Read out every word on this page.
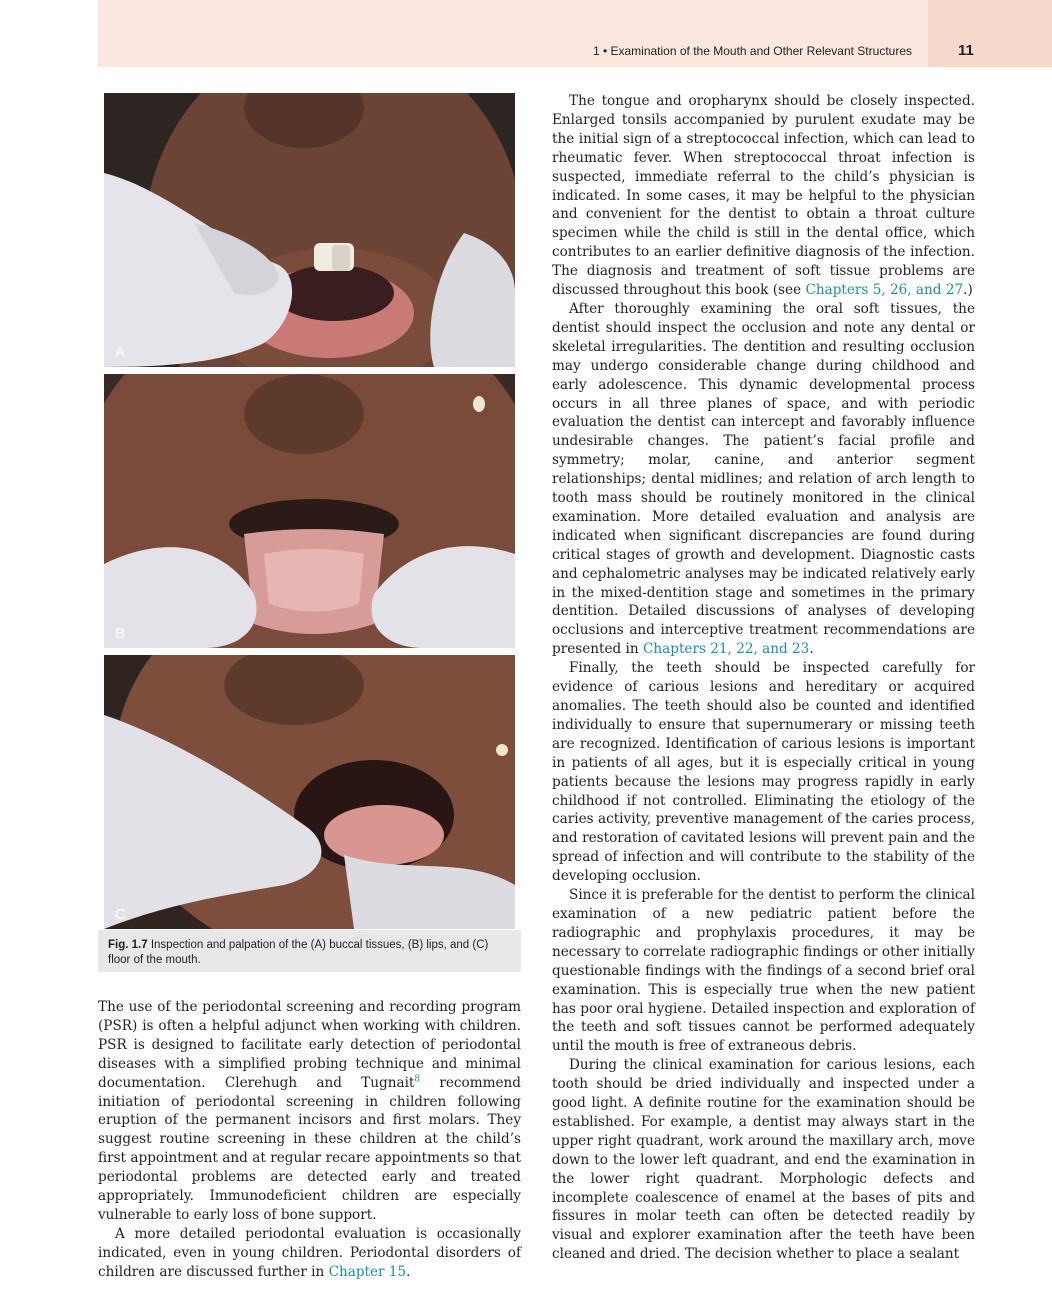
1 • Examination of the Mouth and Other Relevant Structures	11
A
B
C
Fig. 1.7 Inspection and palpation of the (A) buccal tissues, (B) lips, and (C) floor of the mouth.

The use of the periodontal screening and recording program (PSR) is often a helpful adjunct when working with children. PSR is designed to facilitate early detection of periodontal diseases with a simplified probing technique and minimal documentation. Clerehugh and Tugnait$^8$ recommend initiation of periodontal screening in children following eruption of the permanent incisors and first molars. They suggest routine screening in these children at the child’s first appointment and at regular recare appointments so that periodontal problems are detected early and treated appropriately. Immunodeficient children are especially vulnerable to early loss of bone support.

A more detailed periodontal evaluation is occasionally indicated, even in young children. Periodontal disorders of children are discussed further in Chapter 15.

The tongue and oropharynx should be closely inspected. Enlarged tonsils accompanied by purulent exudate may be the initial sign of a streptococcal infection, which can lead to rheumatic fever. When streptococcal throat infection is suspected, immediate referral to the child’s physician is indicated. In some cases, it may be helpful to the physician and convenient for the dentist to obtain a throat culture specimen while the child is still in the dental office, which contributes to an earlier definitive diagnosis of the infection. The diagnosis and treatment of soft tissue problems are discussed throughout this book (see Chapters 5, 26, and 27.)

After thoroughly examining the oral soft tissues, the dentist should inspect the occlusion and note any dental or skeletal irregularities. The dentition and resulting occlusion may undergo considerable change during childhood and early adolescence. This dynamic developmental process occurs in all three planes of space, and with periodic evaluation the dentist can intercept and favorably influence undesirable changes. The patient’s facial profile and symmetry; molar, canine, and anterior segment relationships; dental midlines; and relation of arch length to tooth mass should be routinely monitored in the clinical examination. More detailed evaluation and analysis are indicated when significant discrepancies are found during critical stages of growth and development. Diagnostic casts and cephalometric analyses may be indicated relatively early in the mixed-dentition stage and sometimes in the primary dentition. Detailed discussions of analyses of developing occlusions and interceptive treatment recommendations are presented in Chapters 21, 22, and 23.

Finally, the teeth should be inspected carefully for evidence of carious lesions and hereditary or acquired anomalies. The teeth should also be counted and identified individually to ensure that supernumerary or missing teeth are recognized. Identification of carious lesions is important in patients of all ages, but it is especially critical in young patients because the lesions may progress rapidly in early childhood if not controlled. Eliminating the etiology of the caries activity, preventive management of the caries process, and restoration of cavitated lesions will prevent pain and the spread of infection and will contribute to the stability of the developing occlusion.

Since it is preferable for the dentist to perform the clinical examination of a new pediatric patient before the radiographic and prophylaxis procedures, it may be necessary to correlate radiographic findings or other initially questionable findings with the findings of a second brief oral examination. This is especially true when the new patient has poor oral hygiene. Detailed inspection and exploration of the teeth and soft tissues cannot be performed adequately until the mouth is free of extraneous debris.

During the clinical examination for carious lesions, each tooth should be dried individually and inspected under a good light. A definite routine for the examination should be established. For example, a dentist may always start in the upper right quadrant, work around the maxillary arch, move down to the lower left quadrant, and end the examination in the lower right quadrant. Morphologic defects and incomplete coalescence of enamel at the bases of pits and fissures in molar teeth can often be detected readily by visual and explorer examination after the teeth have been cleaned and dried. The decision whether to place a sealant
